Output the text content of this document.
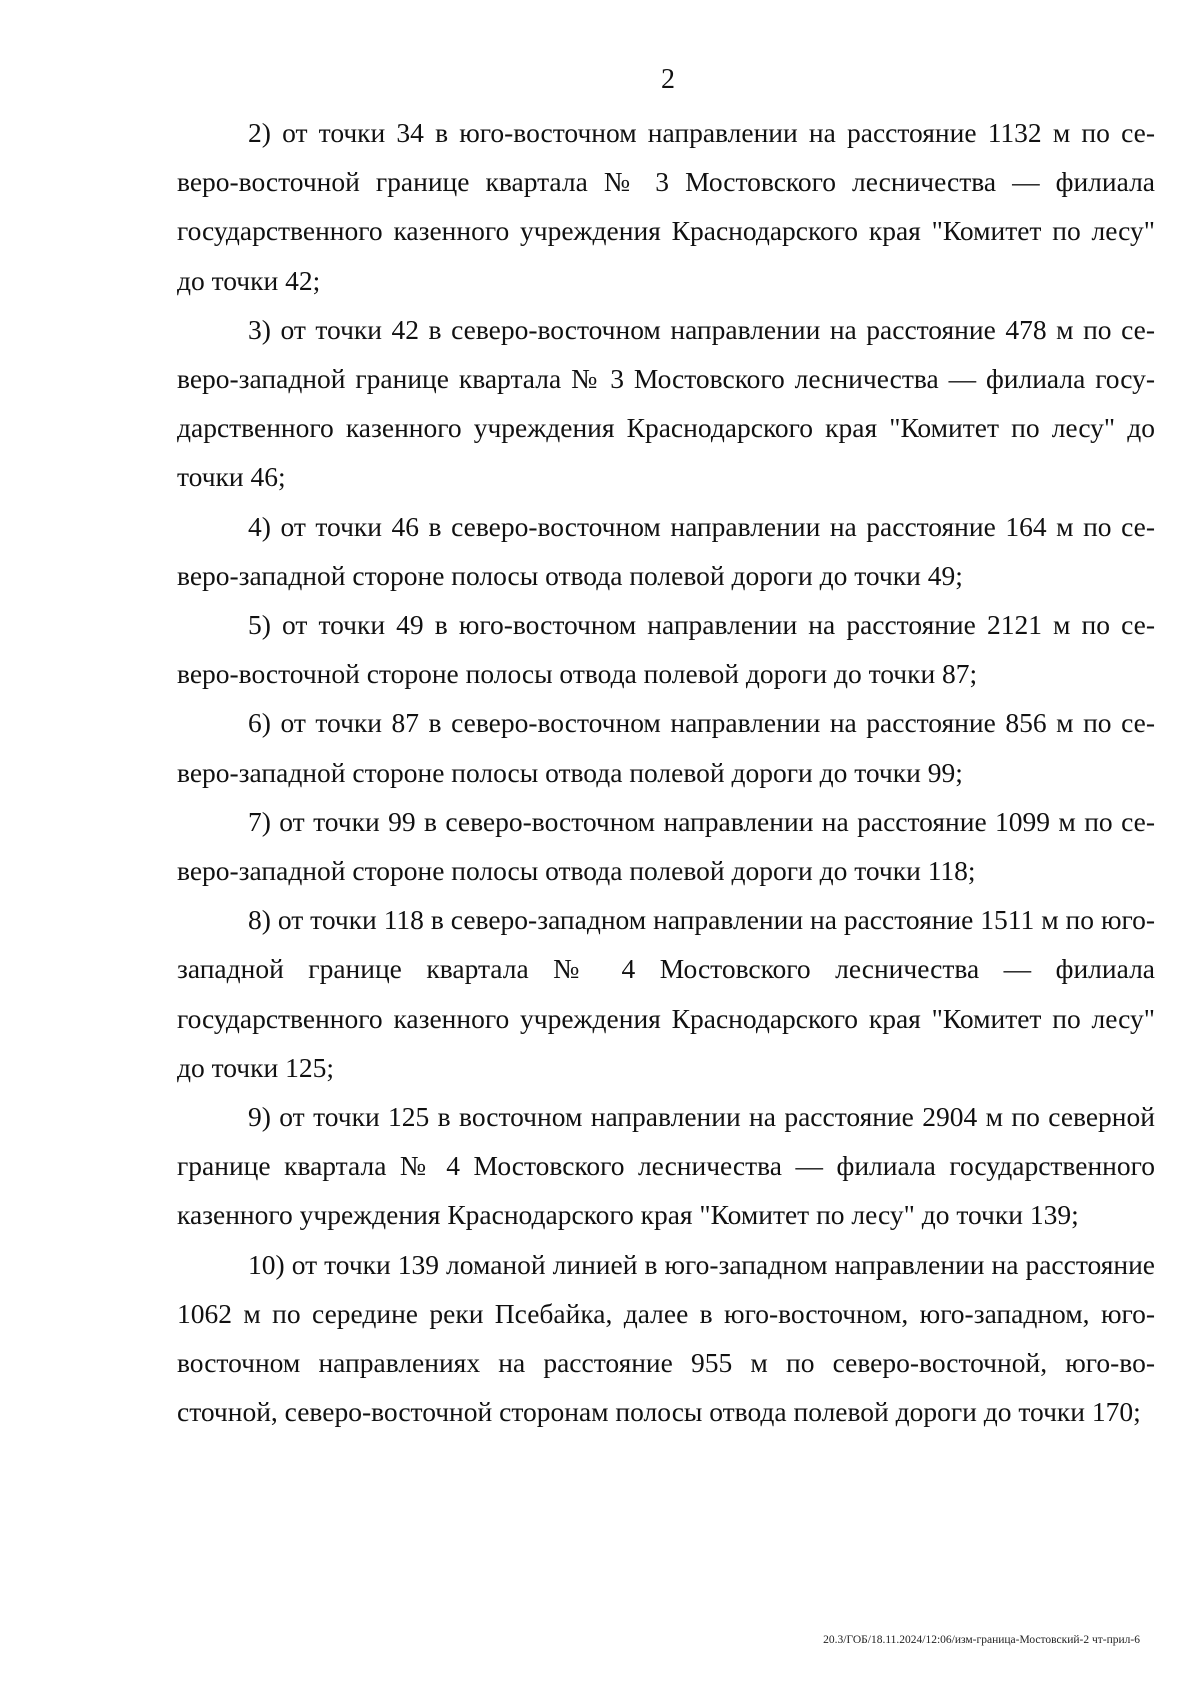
2

2) от точки 34 в юго-восточном направлении на расстояние 1132 м по северо-восточной границе квартала № 3 Мостовского лесничества — филиала государственного казенного учреждения Краснодарского края "Комитет по лесу" до точки 42;

3) от точки 42 в северо-восточном направлении на расстояние 478 м по северо-западной границе квартала № 3 Мостовского лесничества — филиала государственного казенного учреждения Краснодарского края "Комитет по лесу" до точки 46;

4) от точки 46 в северо-восточном направлении на расстояние 164 м по северо-западной стороне полосы отвода полевой дороги до точки 49;

5) от точки 49 в юго-восточном направлении на расстояние 2121 м по северо-восточной стороне полосы отвода полевой дороги до точки 87;

6) от точки 87 в северо-восточном направлении на расстояние 856 м по северо-западной стороне полосы отвода полевой дороги до точки 99;

7) от точки 99 в северо-восточном направлении на расстояние 1099 м по северо-западной стороне полосы отвода полевой дороги до точки 118;

8) от точки 118 в северо-западном направлении на расстояние 1511 м по юго-западной границе квартала № 4 Мостовского лесничества — филиала государственного казенного учреждения Краснодарского края "Комитет по лесу" до точки 125;

9) от точки 125 в восточном направлении на расстояние 2904 м по северной границе квартала № 4 Мостовского лесничества — филиала государственного казенного учреждения Краснодарского края "Комитет по лесу" до точки 139;

10) от точки 139 ломаной линией в юго-западном направлении на расстояние 1062 м по середине реки Псебайка, далее в юго-восточном, юго-западном, юго-восточном направлениях на расстояние 955 м по северо-восточной, юго-восточной, северо-восточной сторонам полосы отвода полевой дороги до точки 170;

20.3/ГОБ/18.11.2024/12:06/изм-граница-Мостовский-2 чт-прил-6
